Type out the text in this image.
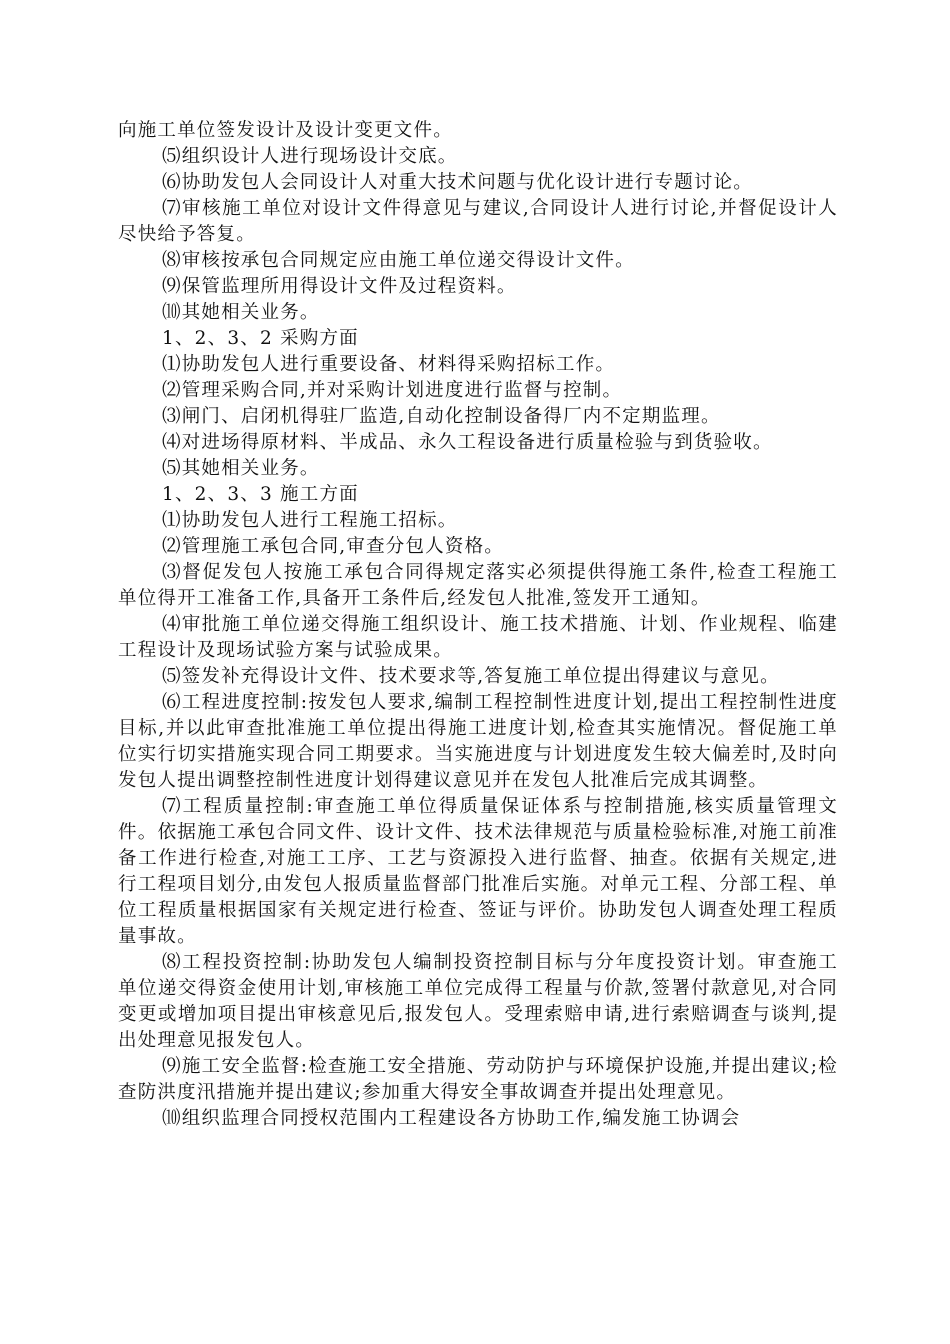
向施工单位签发设计及设计变更文件。

⑸组织设计人进行现场设计交底。

⑹协助发包人会同设计人对重大技术问题与优化设计进行专题讨论。

⑺审核施工单位对设计文件得意见与建议,合同设计人进行讨论,并督促设计人尽快给予答复。

⑻审核按承包合同规定应由施工单位递交得设计文件。

⑼保管监理所用得设计文件及过程资料。

⑽其她相关业务。

1、2、3、2 采购方面

⑴协助发包人进行重要设备、材料得采购招标工作。

⑵管理采购合同,并对采购计划进度进行监督与控制。

⑶闸门、启闭机得驻厂监造,自动化控制设备得厂内不定期监理。

⑷对进场得原材料、半成品、永久工程设备进行质量检验与到货验收。

⑸其她相关业务。

1、2、3、3 施工方面

⑴协助发包人进行工程施工招标。

⑵管理施工承包合同,审查分包人资格。

⑶督促发包人按施工承包合同得规定落实必须提供得施工条件,检查工程施工单位得开工准备工作,具备开工条件后,经发包人批准,签发开工通知。

⑷审批施工单位递交得施工组织设计、施工技术措施、计划、作业规程、临建工程设计及现场试验方案与试验成果。

⑸签发补充得设计文件、技术要求等,答复施工单位提出得建议与意见。

⑹工程进度控制:按发包人要求,编制工程控制性进度计划,提出工程控制性进度目标,并以此审查批准施工单位提出得施工进度计划,检查其实施情况。督促施工单位实行切实措施实现合同工期要求。当实施进度与计划进度发生较大偏差时,及时向发包人提出调整控制性进度计划得建议意见并在发包人批准后完成其调整。

⑺工程质量控制:审查施工单位得质量保证体系与控制措施,核实质量管理文件。依据施工承包合同文件、设计文件、技术法律规范与质量检验标准,对施工前准备工作进行检查,对施工工序、工艺与资源投入进行监督、抽查。依据有关规定,进行工程项目划分,由发包人报质量监督部门批准后实施。对单元工程、分部工程、单位工程质量根据国家有关规定进行检查、签证与评价。协助发包人调查处理工程质量事故。

⑻工程投资控制:协助发包人编制投资控制目标与分年度投资计划。审查施工单位递交得资金使用计划,审核施工单位完成得工程量与价款,签署付款意见,对合同变更或增加项目提出审核意见后,报发包人。受理索赔申请,进行索赔调查与谈判,提出处理意见报发包人。

⑼施工安全监督:检查施工安全措施、劳动防护与环境保护设施,并提出建议;检查防洪度汛措施并提出建议;参加重大得安全事故调查并提出处理意见。

⑽组织监理合同授权范围内工程建设各方协助工作,编发施工协调会
